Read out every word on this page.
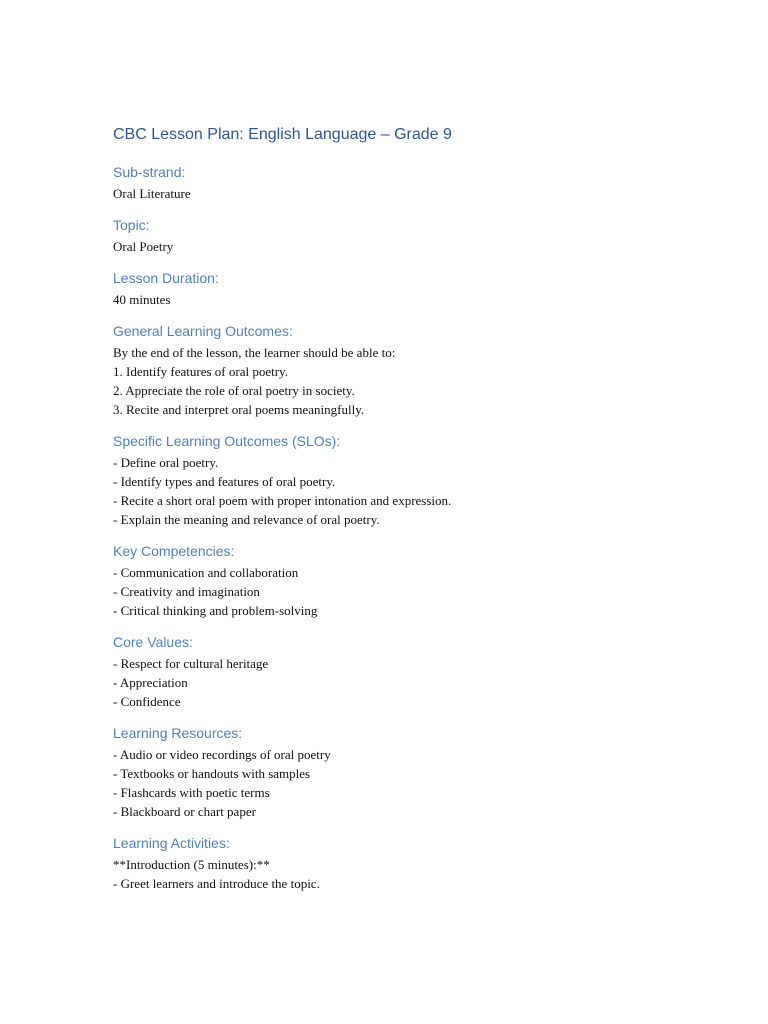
CBC Lesson Plan: English Language – Grade 9
Sub-strand:
Oral Literature
Topic:
Oral Poetry
Lesson Duration:
40 minutes
General Learning Outcomes:
By the end of the lesson, the learner should be able to:
1. Identify features of oral poetry.
2. Appreciate the role of oral poetry in society.
3. Recite and interpret oral poems meaningfully.
Specific Learning Outcomes (SLOs):
- Define oral poetry.
- Identify types and features of oral poetry.
- Recite a short oral poem with proper intonation and expression.
- Explain the meaning and relevance of oral poetry.
Key Competencies:
- Communication and collaboration
- Creativity and imagination
- Critical thinking and problem-solving
Core Values:
- Respect for cultural heritage
- Appreciation
- Confidence
Learning Resources:
- Audio or video recordings of oral poetry
- Textbooks or handouts with samples
- Flashcards with poetic terms
- Blackboard or chart paper
Learning Activities:
**Introduction (5 minutes):**
- Greet learners and introduce the topic.
